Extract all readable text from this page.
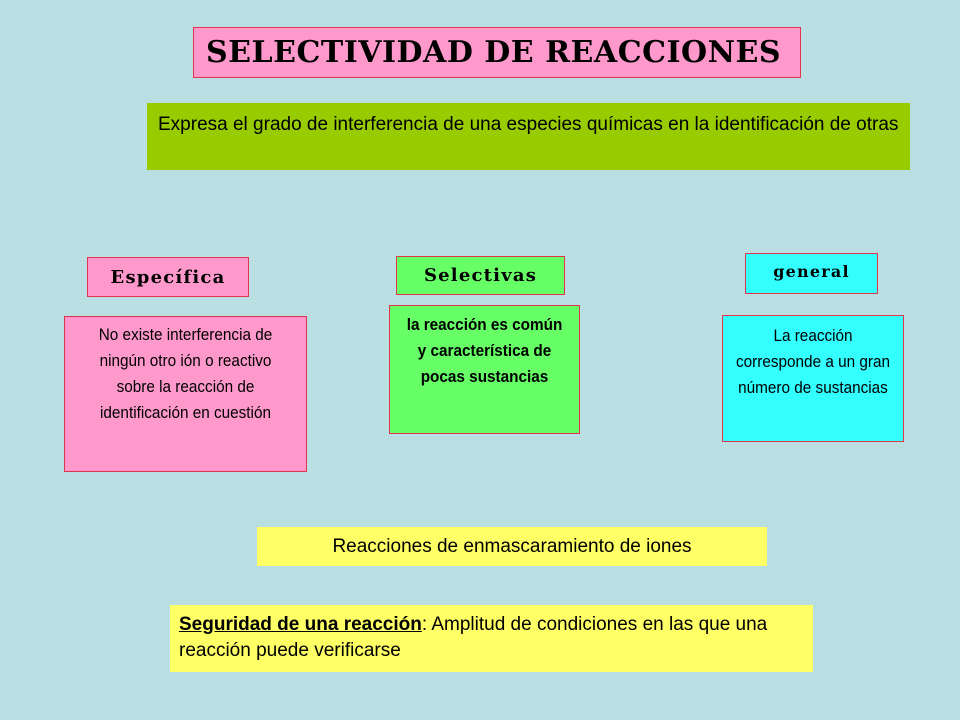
SELECTIVIDAD DE REACCIONES
Expresa el grado de interferencia de una especies químicas en la identificación de otras
Específica	Selectivas	general
No existe interferencia de ningún otro ión o reactivo sobre la reacción de identificación en cuestión
la reacción es común y característica de pocas sustancias
La reacción corresponde a un gran número de sustancias
Reacciones de enmascaramiento de iones
Seguridad de una reacción: Amplitud de condiciones en las que una reacción puede verificarse
